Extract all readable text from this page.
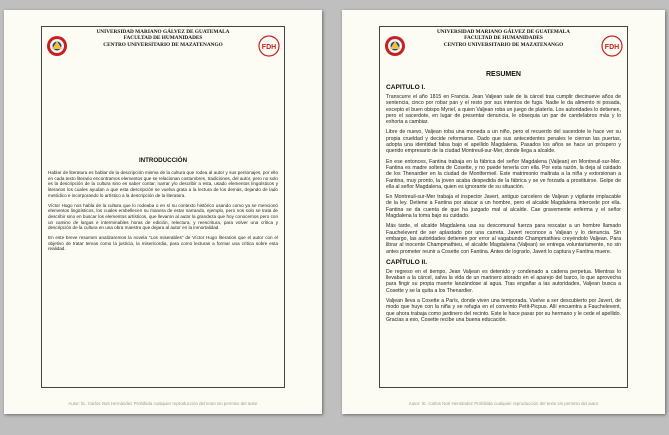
UNIVERSIDAD MARIANO GÁLVEZ DE GUATEMALA
FACULTAD DE HUMANIDADES
CENTRO UNIVERSITARIO DE MAZATENANGO	FDH
INTRODUCCIÓN

Hablar de literatura es hablar de la descripción misma de la cultura que rodea al autor y sus personajes, por ello en cada texto literario encontramos elementos que se relacionan costumbres, tradiciones, del autor, pero no solo es la descripción de la cultura sino es saber contar, narrar y/o describir a esta, usado elementos lingüísticos y literarios los cuales ayudan a que esta descripción se vuelva grata a la lectura de los demás, dejando de lado metódico e incorporando lo artístico a la descripción de la literatura.

Víctor Hugo nos habla de la cultura que lo rodeaba o en sí su contexto histórico usando como ya se mencionó elementos lingüísticos, los cuales embellecen su manera de estar narrando, ejemplo, pero nos solo se trata de describir sino en buscar los elementos artísticos, que llevaron al autor la grandeza que hoy conocemos pero con un camino de largas e interminables horas de edición, relectura, y reescritura, para volver una crítica y descripción de la cultura en una obra maestra que dejara al autor en la inmortalidad.

En este breve resumen analizaremos la novela "Los miserables" de Víctor Hugo literarios que el autor con el objetivo de tratar temas como la justicia, la misericordia, para como lecturas a formar una crítica sobre esta realidad.

Autor: lic. Carlos Noé Hernández Prohibida cualquier reproducción del texto sin permiso del autor
UNIVERSIDAD MARIANO GÁLVEZ DE GUATEMALA
FACULTAD DE HUMANIDADES
CENTRO UNIVERSITARIO DE MAZATENANGO	FDH
RESUMEN
CAPITULO I.

Transcurre el año 1815 en Francia. Jean Valjean sale de la cárcel tras cumplir diecinueve años de sentencia, cinco por robar pan y el resto por sus intentos de fuga. Nadie le da alimento ni posada, excepto el buen obispo Myriel, a quien Valjean roba un juego de platería. Los autoridades lo detienen, pero el sacerdote, en lugar de presentar denuncia, le obsequia un par de candelabros más y lo exhorta a cambiar.

Libre de nuevo, Valjean roba una moneda a un niño, pero el recuerdo del sacerdote le hace ver su propia crueldad y decide reformarse. Dado que sus antecedentes penales le cierran las puertas, adopta una identidad falsa bajo el apellido Magdalena. Pasados los años se hace un próspero y querido empresario de la ciudad Montreuil-sur-Mer, donde llega a alcalde.

En ese entonces, Fantina trabaja en la fábrica del señor Magdalena (Valjean) en Montreuil-sur-Mer. Fantina es madre soltera de Cosette, y no puede tenerla con ella. Por esta razón, la deja al cuidado de los Thenardier en la ciudad de Montfermeil. Este matrimonio maltrata a la niña y extorsionan a Fantina, muy pronto, la joven acaba despedida de la fábrica y se ve forzada a prostituirse. Golpe de ella al señor Magdalena, quien es ignorante de su situación.

En Montreuil-sur-Mer trabaja el inspector Javert, antiguo carcelero de Valjean y vigilante implacable de la ley. Detiene a Fantina por atacar a un hombre, pero el alcalde Magdalena intercede por ella. Fantina se da cuenta de que ha juzgado mal al alcalde. Cae gravemente enferma y el señor Magdalena la toma bajo su cuidado.

Más tarde, el alcalde Magdalena usa su descomunal fuerza para rescatar a un hombre llamado Fauchelevent de ser aplastado por una carreta. Javert reconoce a Valjean y lo denuncia. Sin embargo, las autoridades detienen por error al vagabundo Champmathieu creyéndolo Valjean. Para librar al inocente Champmathieu, el alcalde Magdalena (Valjean) se entrega voluntariamente, no sin antes prometer reunir a Cosette con Fantina. Antes de lograrlo, Javert lo captura y Fantina muere.

CAPÍTULO II.

De regreso en el tiempo, Jean Valjean es detenido y condenado a cadena perpetua. Mientras lo llevaban a la cárcel, salva la vida de un marinero atorado en el aparejo del barco, lo que aprovecha para fingir su propia muerte lanzándose al agua. Tras engañar a las autoridades, Valjean busca a Cosette y se la quita a los Thenardier.

Valjean lleva a Cosette a París, donde viven una temporada. Vuelve a ser descubierto por Javert, de modo que huye con la niña y se refugia en el convento Petit-Picpus. Allí encuentra a Fauchelevent, que ahora trabaja como jardinero del recinto. Este le hace pasar por su hermano y le cede el apellido. Gracias a eso, Cosette recibe una buena educación.

Autor: lic. Carlos Noé Hernández Prohibida cualquier reproducción del texto sin permiso del autor
